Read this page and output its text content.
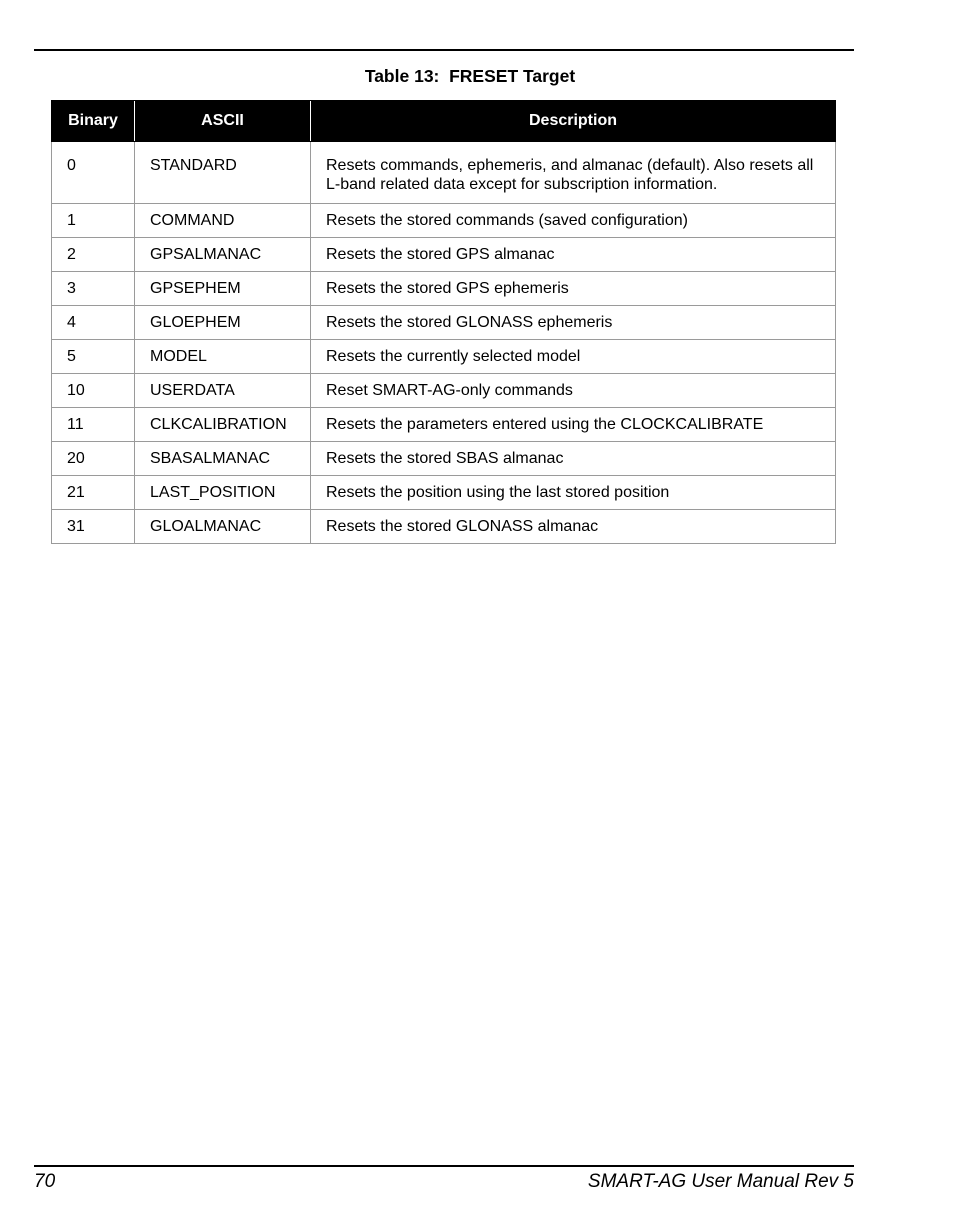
Table 13:  FRESET Target
Binary	ASCII	Description
0	STANDARD	Resets commands, ephemeris, and almanac (default). Also resets all L-band related data except for subscription information.
1	COMMAND	Resets the stored commands (saved configuration)
2	GPSALMANAC	Resets the stored GPS almanac
3	GPSEPHEM	Resets the stored GPS ephemeris
4	GLOEPHEM	Resets the stored GLONASS ephemeris
5	MODEL	Resets the currently selected model
10	USERDATA	Reset SMART-AG-only commands
11	CLKCALIBRATION	Resets the parameters entered using the CLOCKCALIBRATE
20	SBASALMANAC	Resets the stored SBAS almanac
21	LAST_POSITION	Resets the position using the last stored position
31	GLOALMANAC	Resets the stored GLONASS almanac
70	SMART-AG User Manual Rev 5
